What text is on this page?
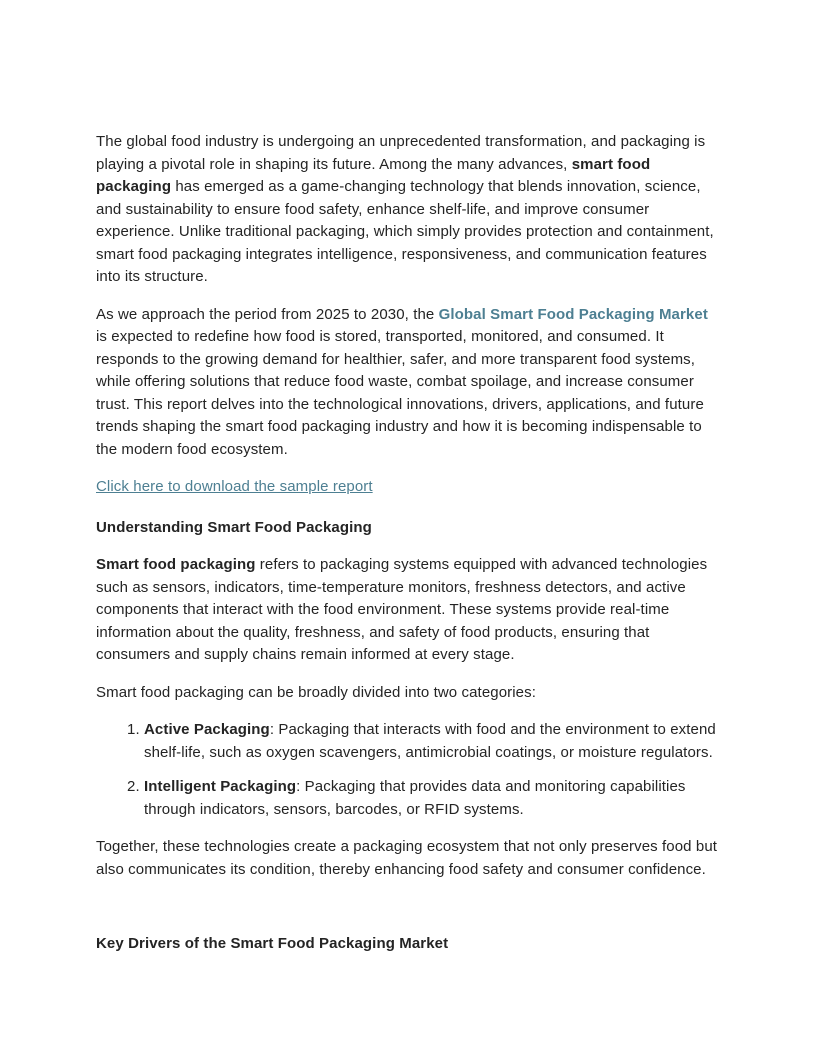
The global food industry is undergoing an unprecedented transformation, and packaging is playing a pivotal role in shaping its future. Among the many advances, smart food packaging has emerged as a game-changing technology that blends innovation, science, and sustainability to ensure food safety, enhance shelf-life, and improve consumer experience. Unlike traditional packaging, which simply provides protection and containment, smart food packaging integrates intelligence, responsiveness, and communication features into its structure.

As we approach the period from 2025 to 2030, the Global Smart Food Packaging Market is expected to redefine how food is stored, transported, monitored, and consumed. It responds to the growing demand for healthier, safer, and more transparent food systems, while offering solutions that reduce food waste, combat spoilage, and increase consumer trust. This report delves into the technological innovations, drivers, applications, and future trends shaping the smart food packaging industry and how it is becoming indispensable to the modern food ecosystem.

Click here to download the sample report

Understanding Smart Food Packaging

Smart food packaging refers to packaging systems equipped with advanced technologies such as sensors, indicators, time-temperature monitors, freshness detectors, and active components that interact with the food environment. These systems provide real-time information about the quality, freshness, and safety of food products, ensuring that consumers and supply chains remain informed at every stage.

Smart food packaging can be broadly divided into two categories:

1. Active Packaging: Packaging that interacts with food and the environment to extend shelf-life, such as oxygen scavengers, antimicrobial coatings, or moisture regulators.
2. Intelligent Packaging: Packaging that provides data and monitoring capabilities through indicators, sensors, barcodes, or RFID systems.

Together, these technologies create a packaging ecosystem that not only preserves food but also communicates its condition, thereby enhancing food safety and consumer confidence.

Key Drivers of the Smart Food Packaging Market
